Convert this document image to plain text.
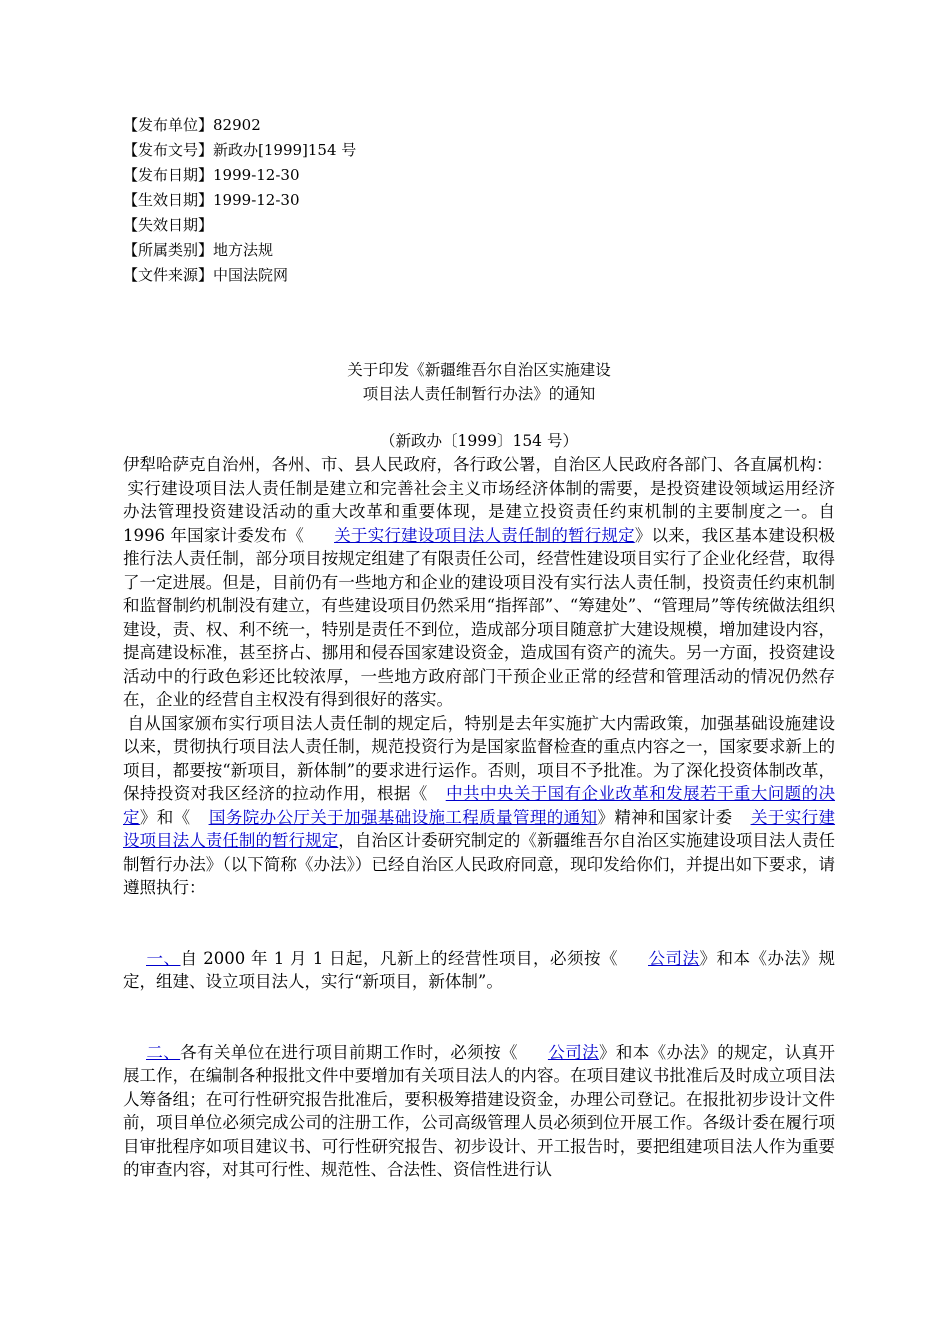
【发布单位】82902
【发布文号】新政办[1999]154 号
【发布日期】1999-12-30
【生效日期】1999-12-30
【失效日期】
【所属类别】地方法规
【文件来源】中国法院网
关于印发《新疆维吾尔自治区实施建设
项目法人责任制暂行办法》的通知
（新政办〔1999〕154 号）
伊犁哈萨克自治州，各州、市、县人民政府，各行政公署，自治区人民政府各部门、各直属机构：
实行建设项目法人责任制是建立和完善社会主义市场经济体制的需要，是投资建设领域运用经济办法管理投资建设活动的重大改革和重要体现，是建立投资责任约束机制的主要制度之一。自 1996 年国家计委发布《 关于实行建设项目法人责任制的暂行规定》以来，我区基本建设积极推行法人责任制，部分项目按规定组建了有限责任公司，经营性建设项目实行了企业化经营，取得了一定进展。但是，目前仍有一些地方和企业的建设项目没有实行法人责任制，投资责任约束机制和监督制约机制没有建立，有些建设项目仍然采用“指挥部”、“筹建处”、“管理局”等传统做法组织建设，责、权、利不统一，特别是责任不到位，造成部分项目随意扩大建设规模，增加建设内容，提高建设标准，甚至挤占、挪用和侵吞国家建设资金，造成国有资产的流失。另一方面，投资建设活动中的行政色彩还比较浓厚，一些地方政府部门干预企业正常的经营和管理活动的情况仍然存在，企业的经营自主权没有得到很好的落实。
自从国家颁布实行项目法人责任制的规定后，特别是去年实施扩大内需政策，加强基础设施建设以来，贯彻执行项目法人责任制，规范投资行为是国家监督检查的重点内容之一，国家要求新上的项目，都要按“新项目，新体制”的要求进行运作。否则，项目不予批准。为了深化投资体制改革，保持投资对我区经济的拉动作用，根据《 中共中央关于国有企业改革和发展若干重大问题的决定》和《 国务院办公厅关于加强基础设施工程质量管理的通知》精神和国家计委 关于实行建设项目法人责任制的暂行规定，自治区计委研究制定的《新疆维吾尔自治区实施建设项目法人责任制暂行办法》（以下简称《办法》）已经自治区人民政府同意，现印发给你们，并提出如下要求，请遵照执行：
一、自 2000 年 1 月 1 日起，凡新上的经营性项目，必须按《 公司法》和本《办法》规定，组建、设立项目法人，实行“新项目，新体制”。
二、各有关单位在进行项目前期工作时，必须按《 公司法》和本《办法》的规定，认真开展工作，在编制各种报批文件中要增加有关项目法人的内容。在项目建议书批准后及时成立项目法人筹备组；在可行性研究报告批准后，要积极筹措建设资金，办理公司登记。在报批初步设计文件前，项目单位必须完成公司的注册工作，公司高级管理人员必须到位开展工作。各级计委在履行项目审批程序如项目建议书、可行性研究报告、初步设计、开工报告时，要把组建项目法人作为重要的审查内容，对其可行性、规范性、合法性、资信性进行认
